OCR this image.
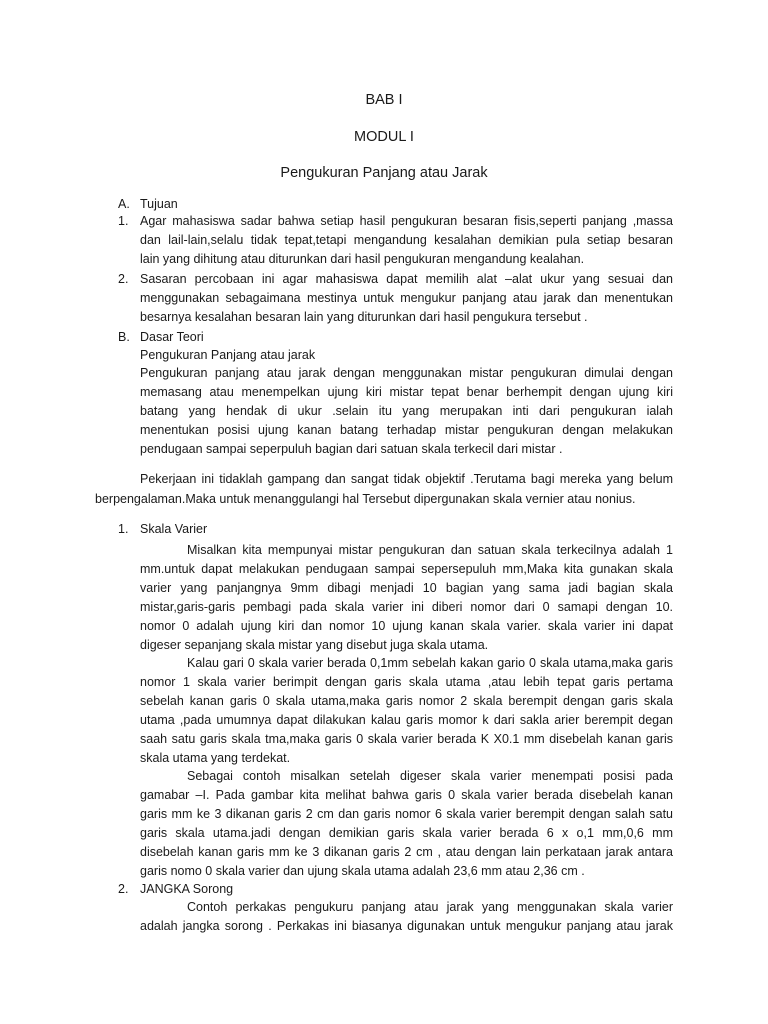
BAB I
MODUL I
Pengukuran Panjang atau Jarak
A. Tujuan
1. Agar mahasiswa sadar bahwa setiap hasil pengukuran besaran fisis,seperti panjang ,massa
dan lail-lain,selalu tidak tepat,tetapi mengandung kesalahan demikian pula setiap besaran
lain yang dihitung atau diturunkan dari hasil pengukuran mengandung kealahan.
2. Sasaran percobaan ini agar mahasiswa dapat memilih alat –alat ukur yang sesuai dan
menggunakan sebagaimana mestinya untuk mengukur panjang atau jarak dan menentukan
besarnya kesalahan besaran lain yang diturunkan dari hasil pengukura tersebut .
B. Dasar Teori
Pengukuran Panjang atau jarak
Pengukuran panjang atau jarak dengan menggunakan mistar pengukuran dimulai dengan
memasang atau menempelkan ujung kiri mistar tepat benar berhempit dengan ujung kiri
batang yang hendak di ukur .selain itu yang merupakan inti dari pengukuran ialah
menentukan posisi ujung kanan batang terhadap mistar pengukuran dengan melakukan
pendugaan sampai seperpuluh bagian dari satuan skala terkecil dari mistar .
Pekerjaan ini tidaklah gampang dan sangat tidak objektif .Terutama bagi mereka yang belum
berpengalaman.Maka untuk menanggulangi hal Tersebut dipergunakan skala vernier atau nonius.
1. Skala Varier
Misalkan kita mempunyai mistar pengukuran dan satuan skala terkecilnya adalah 1
mm.untuk dapat melakukan pendugaan sampai sepersepuluh mm,Maka kita gunakan skala
varier yang panjangnya 9mm dibagi menjadi 10 bagian yang sama jadi bagian skala
mistar,garis-garis pembagi pada skala varier ini diberi nomor dari 0 samapi dengan 10.
nomor 0 adalah ujung kiri dan nomor 10 ujung kanan skala varier. skala varier ini dapat
digeser sepanjang skala mistar yang disebut juga skala utama.
Kalau gari 0 skala varier berada 0,1mm sebelah kakan gario 0 skala utama,maka garis
nomor 1 skala varier berimpit dengan garis skala utama ,atau lebih tepat garis pertama
sebelah kanan garis 0 skala utama,maka garis nomor 2 skala berempit dengan garis skala
utama ,pada umumnya dapat dilakukan kalau garis momor k dari sakla arier berempit degan
saah satu garis skala tma,maka garis 0 skala varier berada K X0.1 mm disebelah kanan garis
skala utama yang terdekat.
Sebagai contoh misalkan setelah digeser skala varier menempati posisi pada
gamabar –I. Pada gambar kita melihat bahwa garis 0 skala varier berada disebelah kanan
garis mm ke 3 dikanan garis 2 cm dan garis nomor 6 skala varier berempit dengan salah satu
garis skala utama.jadi dengan demikian garis skala varier berada 6 x o,1 mm,0,6 mm
disebelah kanan garis mm ke 3 dikanan garis 2 cm , atau dengan lain perkataan jarak antara
garis nomo 0 skala varier dan ujung skala utama adalah 23,6 mm atau 2,36 cm .
2. JANGKA Sorong
Contoh perkakas pengukuru panjang atau jarak yang menggunakan skala varier
adalah jangka sorong . Perkakas ini biasanya digunakan untuk mengukur panjang atau jarak
